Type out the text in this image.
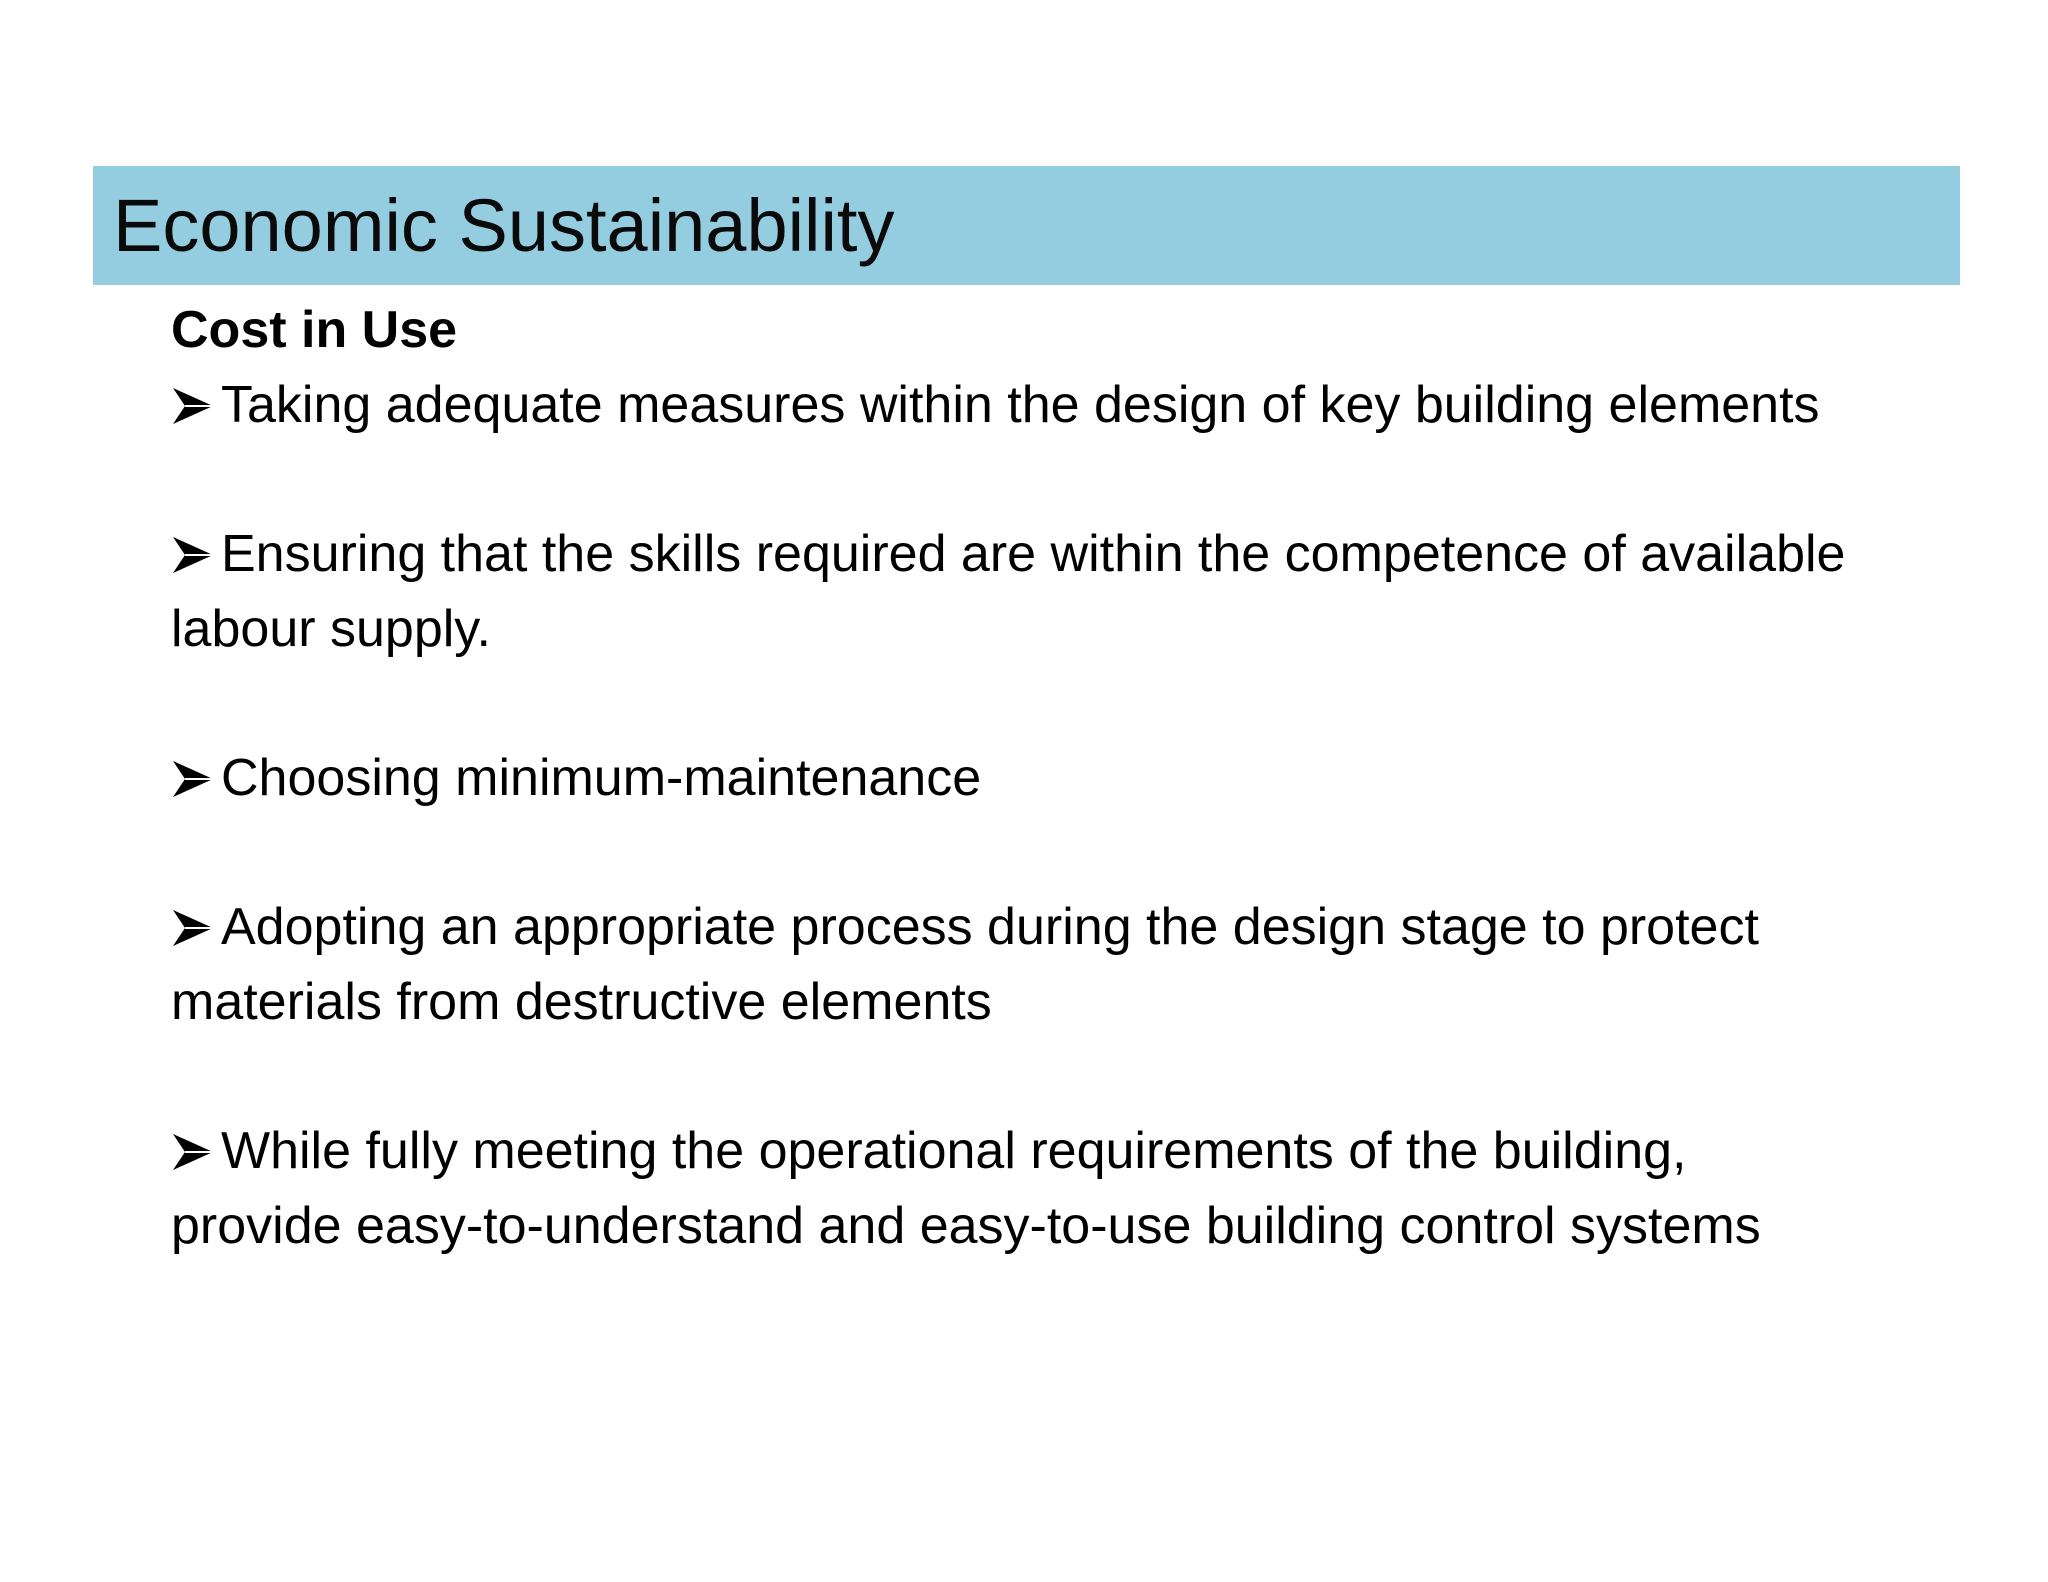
Economic Sustainability

Cost in Use

Taking adequate measures within the design of key building elements

Ensuring that the skills required are within the competence of available labour supply.

Choosing minimum-maintenance

Adopting an appropriate process during the design stage to protect materials from destructive elements

While fully meeting the operational requirements of the building, provide easy-to-understand and easy-to-use building control systems
